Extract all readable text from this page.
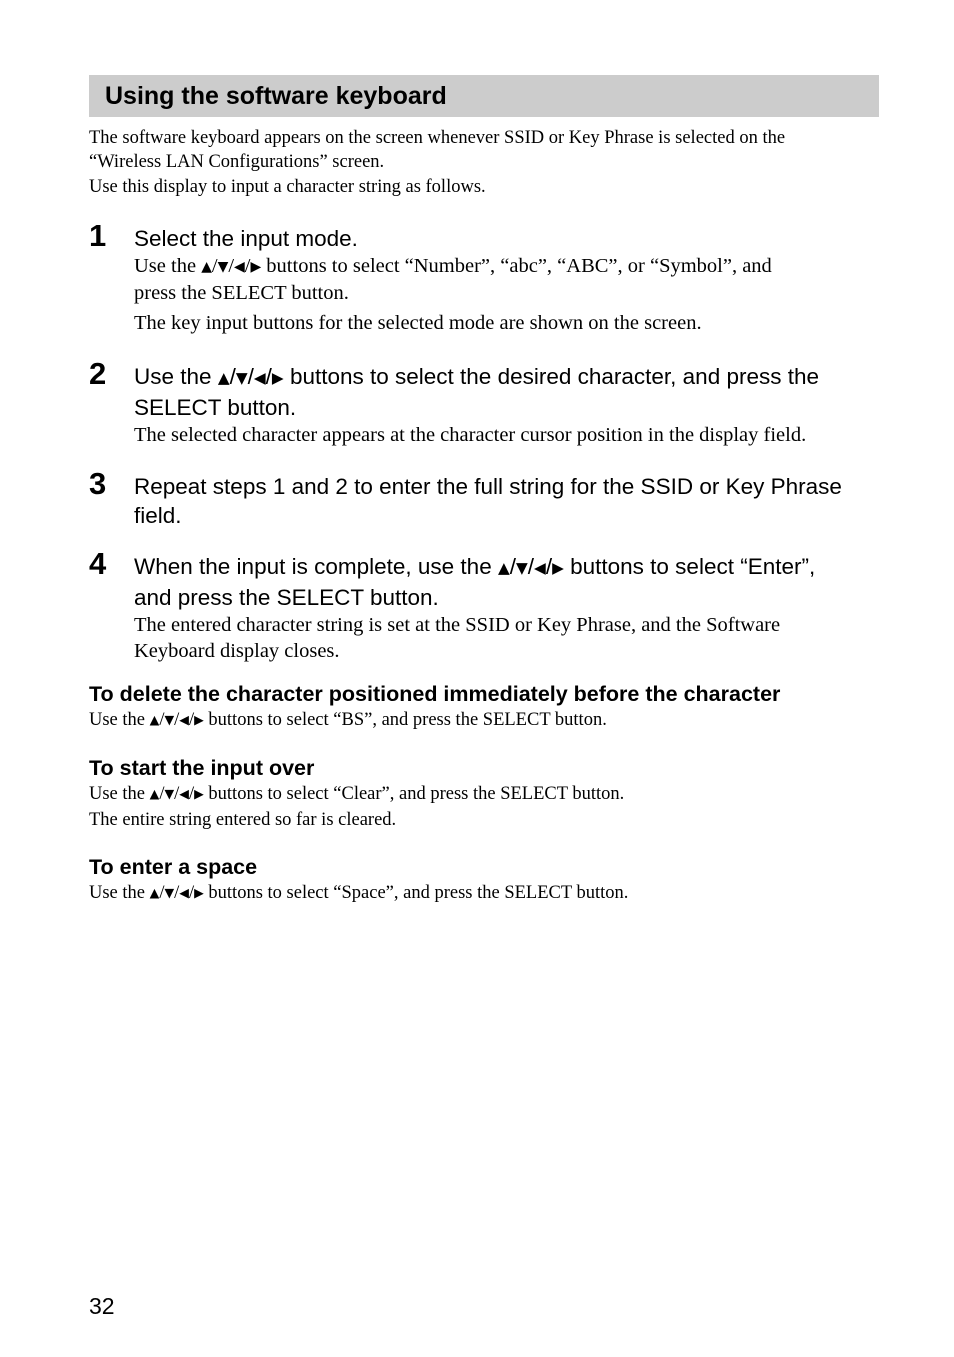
Using the software keyboard

The software keyboard appears on the screen whenever SSID or Key Phrase is selected on the

“Wireless LAN Configurations” screen.

Use this display to input a character string as follows.

1 Select the input mode.

Use the ▲/▼/◀/▶ buttons to select “Number”, “abc”, “ABC”, or “Symbol”, and
press the SELECT button.

The key input buttons for the selected mode are shown on the screen.

2 Use the ▲/▼/◀/▶ buttons to select the desired character, and press the
SELECT button.

The selected character appears at the character cursor position in the display field.

3 Repeat steps 1 and 2 to enter the full string for the SSID or Key Phrase
field.

4 When the input is complete, use the ▲/▼/◀/▶ buttons to select “Enter”,
and press the SELECT button.

The entered character string is set at the SSID or Key Phrase, and the Software
Keyboard display closes.

To delete the character positioned immediately before the character

Use the ▲/▼/◀/▶ buttons to select “BS”, and press the SELECT button.

To start the input over

Use the ▲/▼/◀/▶ buttons to select “Clear”, and press the SELECT button.

The entire string entered so far is cleared.

To enter a space

Use the ▲/▼/◀/▶ buttons to select “Space”, and press the SELECT button.

32
